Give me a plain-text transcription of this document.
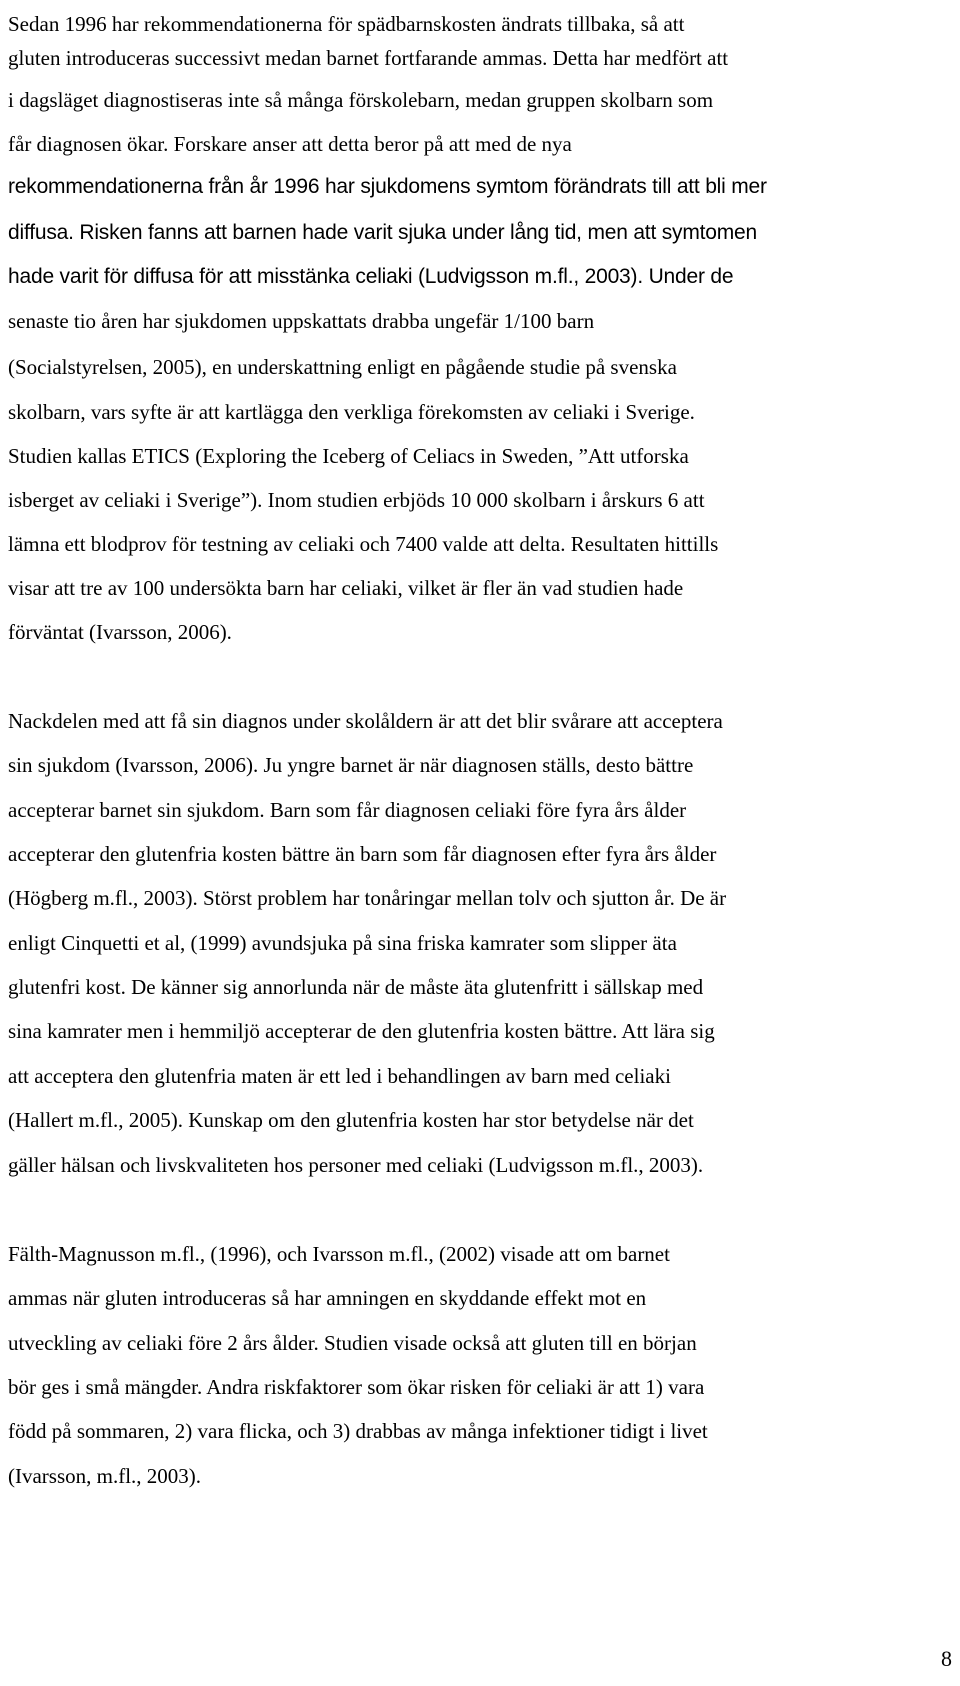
Sedan 1996 har rekommendationerna för spädbarnskosten ändrats tillbaka, så att
gluten introduceras successivt medan barnet fortfarande ammas. Detta har medfört att
i dagsläget diagnostiseras inte så många förskolebarn, medan gruppen skolbarn som
får diagnosen ökar. Forskare anser att detta beror på att med de nya
rekommendationerna från år 1996 har sjukdomens symtom förändrats till att bli mer
diffusa. Risken fanns att barnen hade varit sjuka under lång tid, men att symtomen
hade varit för diffusa för att misstänka celiaki (Ludvigsson m.fl., 2003). Under de
senaste tio åren har sjukdomen uppskattats drabba ungefär 1/100 barn
(Socialstyrelsen, 2005), en underskattning enligt en pågående studie på svenska
skolbarn, vars syfte är att kartlägga den verkliga förekomsten av celiaki i Sverige.
Studien kallas ETICS (Exploring the Iceberg of Celiacs in Sweden, ”Att utforska
isberget av celiaki i Sverige”). Inom studien erbjöds 10 000 skolbarn i årskurs 6 att
lämna ett blodprov för testning av celiaki och 7400 valde att delta. Resultaten hittills
visar att tre av 100 undersökta barn har celiaki, vilket är fler än vad studien hade
förväntat (Ivarsson, 2006).
Nackdelen med att få sin diagnos under skolåldern är att det blir svårare att acceptera
sin sjukdom (Ivarsson, 2006). Ju yngre barnet är när diagnosen ställs, desto bättre
accepterar barnet sin sjukdom. Barn som får diagnosen celiaki före fyra års ålder
accepterar den glutenfria kosten bättre än barn som får diagnosen efter fyra års ålder
(Högberg m.fl., 2003). Störst problem har tonåringar mellan tolv och sjutton år. De är
enligt Cinquetti et al, (1999) avundsjuka på sina friska kamrater som slipper äta
glutenfri kost. De känner sig annorlunda när de måste äta glutenfritt i sällskap med
sina kamrater men i hemmiljö accepterar de den glutenfria kosten bättre. Att lära sig
att acceptera den glutenfria maten är ett led i behandlingen av barn med celiaki
(Hallert m.fl., 2005). Kunskap om den glutenfria kosten har stor betydelse när det
gäller hälsan och livskvaliteten hos personer med celiaki (Ludvigsson m.fl., 2003).
Fälth-Magnusson m.fl., (1996), och Ivarsson m.fl., (2002) visade att om barnet
ammas när gluten introduceras så har amningen en skyddande effekt mot en
utveckling av celiaki före 2 års ålder. Studien visade också att gluten till en början
bör ges i små mängder. Andra riskfaktorer som ökar risken för celiaki är att 1) vara
född på sommaren, 2) vara flicka, och 3) drabbas av många infektioner tidigt i livet
(Ivarsson, m.fl., 2003).
8
